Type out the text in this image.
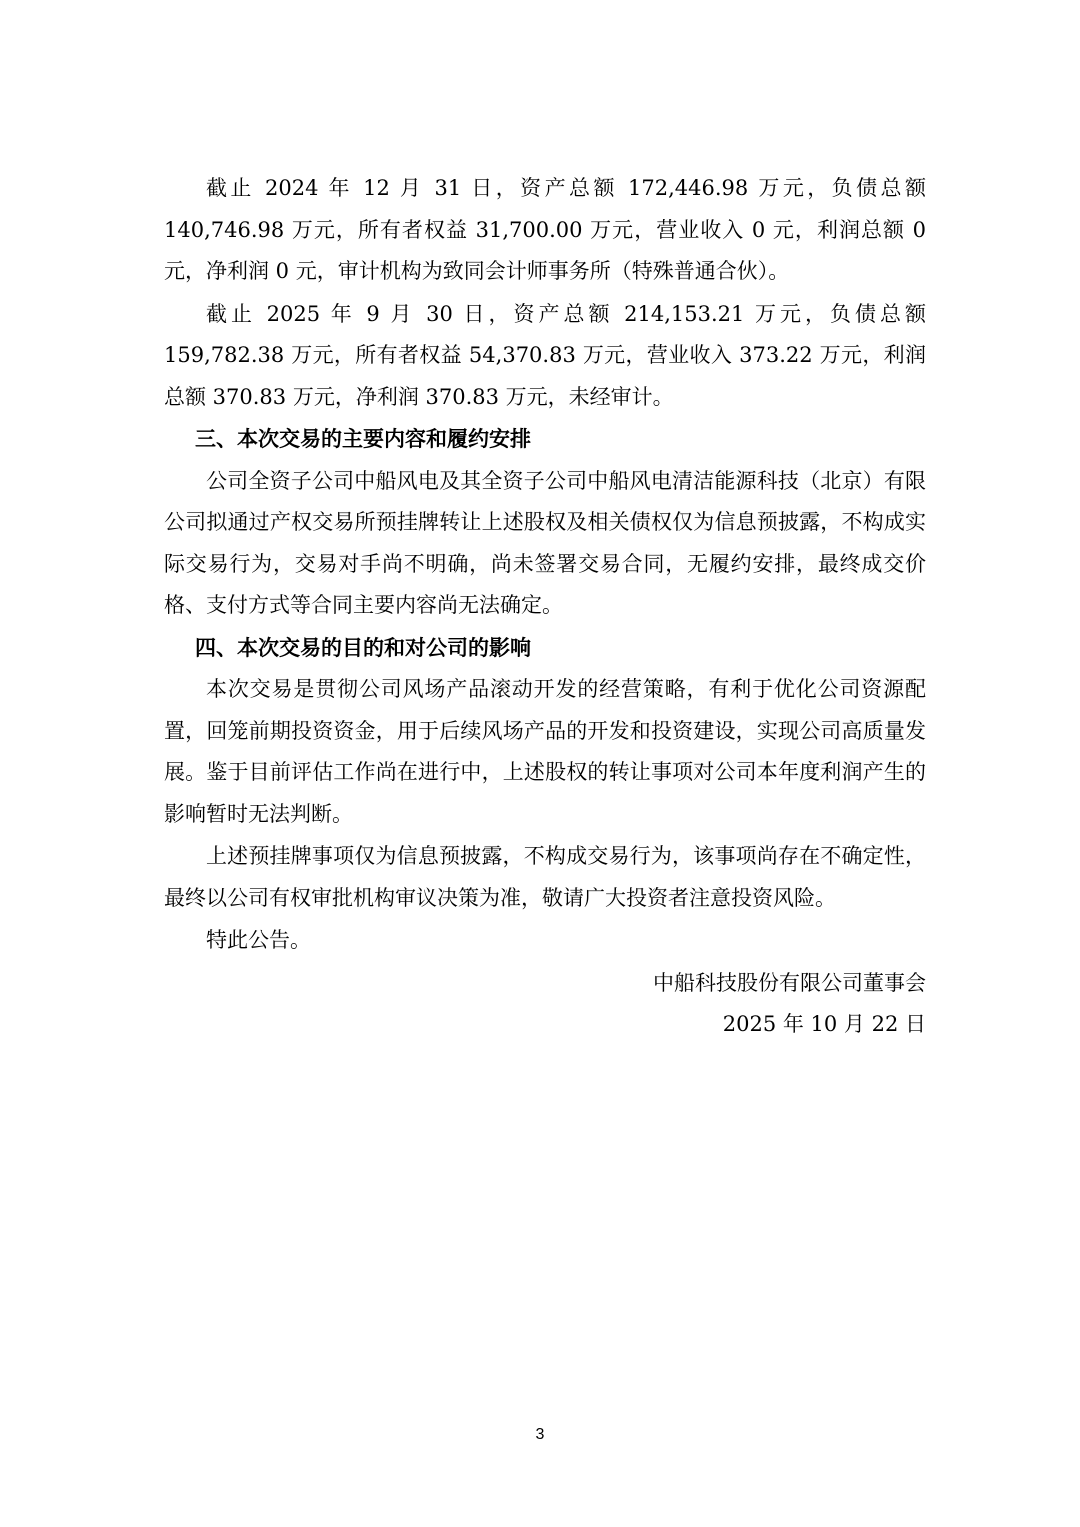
截止 2024 年 12 月 31 日，资产总额 172,446.98 万元，负债总额 140,746.98 万元，所有者权益 31,700.00 万元，营业收入 0 元，利润总额 0 元，净利润 0 元，审计机构为致同会计师事务所（特殊普通合伙）。

截止 2025 年 9 月 30 日，资产总额 214,153.21 万元，负债总额 159,782.38 万元，所有者权益 54,370.83 万元，营业收入 373.22 万元，利润总额 370.83 万元，净利润 370.83 万元，未经审计。

三、本次交易的主要内容和履约安排

公司全资子公司中船风电及其全资子公司中船风电清洁能源科技（北京）有限公司拟通过产权交易所预挂牌转让上述股权及相关债权仅为信息预披露，不构成实际交易行为，交易对手尚不明确，尚未签署交易合同，无履约安排，最终成交价格、支付方式等合同主要内容尚无法确定。

四、本次交易的目的和对公司的影响

本次交易是贯彻公司风场产品滚动开发的经营策略，有利于优化公司资源配置，回笼前期投资资金，用于后续风场产品的开发和投资建设，实现公司高质量发展。鉴于目前评估工作尚在进行中，上述股权的转让事项对公司本年度利润产生的影响暂时无法判断。

上述预挂牌事项仅为信息预披露，不构成交易行为，该事项尚存在不确定性，最终以公司有权审批机构审议决策为准，敬请广大投资者注意投资风险。

特此公告。

中船科技股份有限公司董事会

2025 年 10 月 22 日

3
